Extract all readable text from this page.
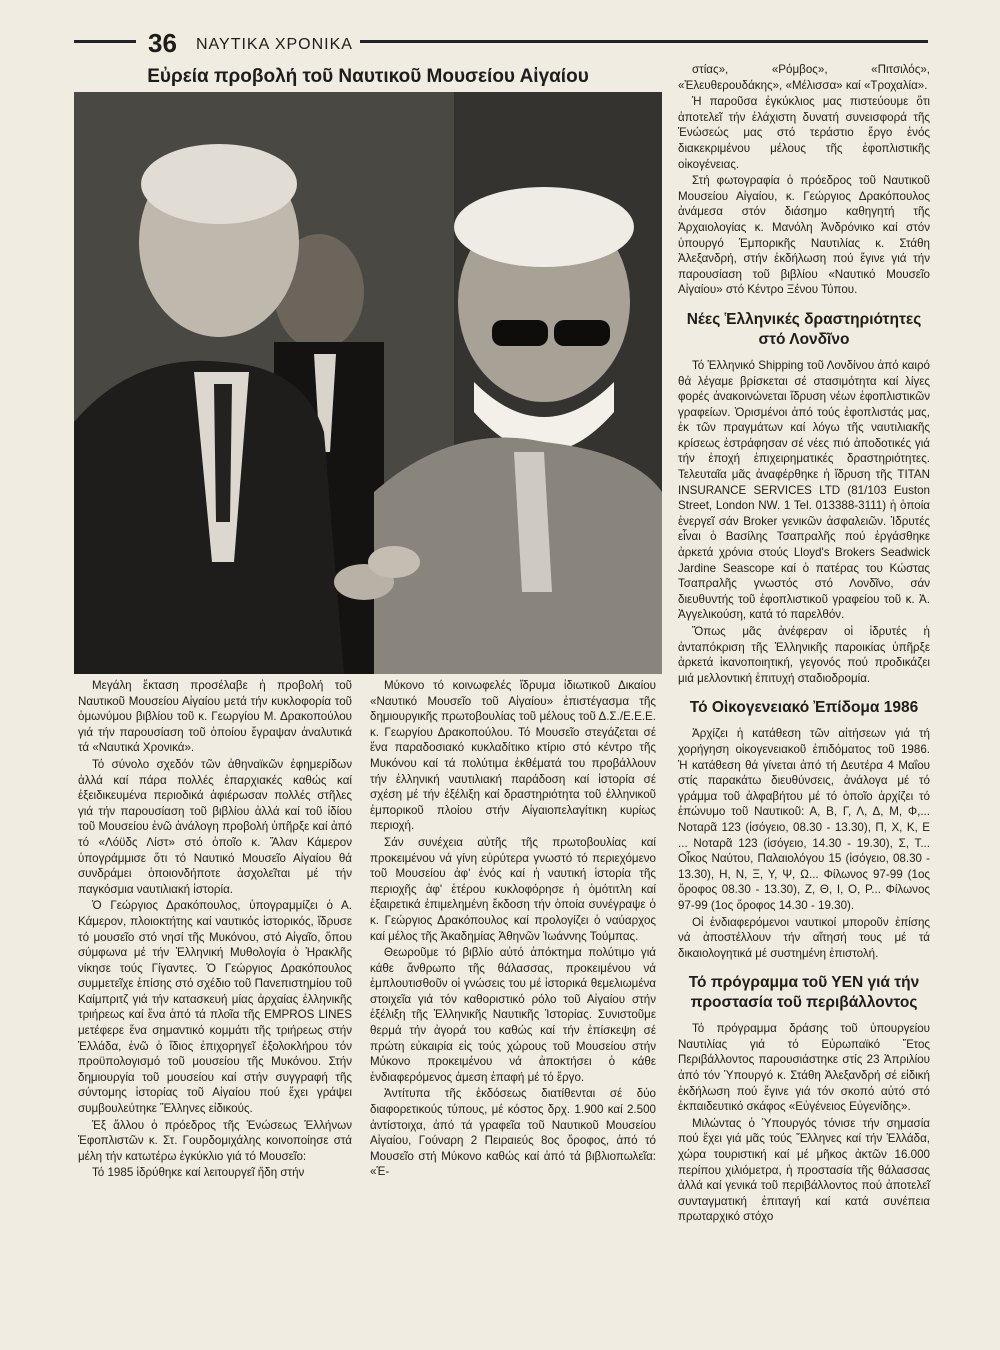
36 ΝΑΥΤΙΚΑ ΧΡΟΝΙΚΑ
Εὐρεία προβολή τοῦ Ναυτικοῦ Μουσείου Αἰγαίου

Μεγάλη ἔκταση προσέλαβε ἡ προβολή τοῦ Ναυτικοῦ Μουσείου Αἰγαίου μετά τήν κυκλοφορία τοῦ ὁμωνύμου βιβλίου τοῦ κ. Γεωργίου Μ. Δρακοπούλου γιά τήν παρουσίαση τοῦ ὁποίου ἔγραψαν ἀναλυτικά τά «Ναυτικά Χρονικά».

Τό σύνολο σχεδόν τῶν ἀθηναϊκῶν ἐφημερίδων ἀλλά καί πάρα πολλές ἐπαρχιακές καθώς καί ἐξειδικευμένα περιοδικά ἀφιέρωσαν πολλές στῆλες γιά τήν παρουσίαση τοῦ βιβλίου ἀλλά καί τοῦ ἰδίου τοῦ Μουσείου ἐνῶ ἀνάλογη προβολή ὑπῆρξε καί ἀπό τό «Λόϋδς Λίστ» στό ὁποῖο κ. Ἄλαν Κάμερον ὑπογράμμισε ὅτι τό Ναυτικό Μουσεῖο Αἰγαίου θά συνδράμει ὁποιονδήποτε ἀσχολεῖται μέ τήν παγκόσμια ναυτιλιακή ἱστορία.

Ὁ Γεώργιος Δρακόπουλος, ὑπογραμμίζει ὁ Α. Κάμερον, πλοιοκτήτης καί ναυτικός ἱστορικός, ἵδρυσε τό μουσεῖο στό νησί τῆς Μυκόνου, στό Αἰγαῖο, ὅπου σύμφωνα μέ τήν Ἑλληνική Μυθολογία ὁ Ἡρακλῆς νίκησε τούς Γίγαντες. Ὁ Γεώργιος Δρακόπουλος συμμετεῖχε ἐπίσης στό σχέδιο τοῦ Πανεπιστημίου τοῦ Καίμπριτζ γιά τήν κατασκευή μίας ἀρχαίας ἑλληνικῆς τριήρεως καί ἕνα ἀπό τά πλοῖα τῆς EMPROS LINES μετέφερε ἕνα σημαντικό κομμάτι τῆς τριήρεως στήν Ἑλλάδα, ἐνῶ ὁ ἴδιος ἐπιχορηγεῖ ἐξολοκλήρου τόν προϋπολογισμό τοῦ μουσείου τῆς Μυκόνου. Στήν δημιουργία τοῦ μουσείου καί στήν συγγραφή τῆς σύντομης ἱστορίας τοῦ Αἰγαίου πού ἔχει γράψει συμβουλεύτηκε Ἕλληνες εἰδικούς.

Ἐξ ἄλλου ὁ πρόεδρος τῆς Ἑνώσεως Ἑλλήνων Ἐφοπλιστῶν κ. Στ. Γουρδομιχάλης κοινοποίησε στά μέλη τήν κατωτέρω ἐγκύκλιο γιά τό Μουσεῖο:

Τό 1985 ἱδρύθηκε καί λειτουργεῖ ἤδη στήν

Μύκονο τό κοινωφελές ἵδρυμα ἰδιωτικοῦ Δικαίου «Ναυτικό Μουσεῖο τοῦ Αἰγαίου» ἐπιστέγασμα τῆς δημιουργικῆς πρωτοβουλίας τοῦ μέλους τοῦ Δ.Σ./Ε.Ε.Ε. κ. Γεωργίου Δρακοπούλου. Τό Μουσεῖο στεγάζεται σέ ἕνα παραδοσιακό κυκλαδίτικο κτίριο στό κέντρο τῆς Μυκόνου καί τά πολύτιμα ἐκθέματά του προβάλλουν τήν ἑλληνική ναυτιλιακή παράδοση καί ἱστορία σέ σχέση μέ τήν ἐξέλιξη καί δραστηριότητα τοῦ ἑλληνικοῦ ἐμπορικοῦ πλοίου στήν Αἰγαιοπελαγίτικη κυρίως περιοχή.

Σάν συνέχεια αὐτῆς τῆς πρωτοβουλίας καί προκειμένου νά γίνη εὐρύτερα γνωστό τό περιεχόμενο τοῦ Μουσείου ἀφ' ἑνός καί ἡ ναυτική ἱστορία τῆς περιοχῆς ἀφ' ἑτέρου κυκλοφόρησε ἡ ὁμότιτλη καί ἐξαιρετικά ἐπιμελημένη ἔκδοση τήν ὁποία συνέγραψε ὁ κ. Γεώργιος Δρακόπουλος καί προλογίζει ὁ ναύαρχος καί μέλος τῆς Ἀκαδημίας Ἀθηνῶν Ἰωάννης Τούμπας.

Θεωροῦμε τό βιβλίο αὐτό ἀπόκτημα πολύτιμο γιά κάθε ἄνθρωπο τῆς θάλασσας, προκειμένου νά ἐμπλουτισθοῦν οἱ γνώσεις του μέ ἱστορικά θεμελιωμένα στοιχεῖα γιά τόν καθοριστικό ρόλο τοῦ Αἰγαίου στήν ἐξέλιξη τῆς Ἑλληνικῆς Ναυτικῆς Ἱστορίας. Συνιστοῦμε θερμά τήν ἀγορά του καθώς καί τήν ἐπίσκεψη σέ πρώτη εὐκαιρία εἰς τούς χώρους τοῦ Μουσείου στήν Μύκονο προκειμένου νά ἀποκτήσει ὁ κάθε ἐνδιαφερόμενος ἀμεση ἐπαφή μέ τό ἔργο.

Ἀντίτυπα τῆς ἐκδόσεως διατίθενται σέ δύο διαφορετικούς τύπους, μέ κόστος δρχ. 1.900 καί 2.500 ἀντίστοιχα, ἀπό τά γραφεῖα τοῦ Ναυτικοῦ Μουσείου Αἰγαίου, Γούναρη 2 Πειραιεύς 8ος ὄροφος, ἀπό τό Μουσεῖο στή Μύκονο καθώς καί ἀπό τά βιβλιοπωλεῖα: «Ἑ-

στίας», «Ρόμβος», «Πιτσιλός», «Ἐλευθερουδάκης», «Μέλισσα» καί «Τροχαλία».

Ἡ παροῦσα ἐγκύκλιος μας πιστεύουμε ὅτι ἀποτελεῖ τήν ἐλάχιστη δυνατή συνεισφορά τῆς Ἑνώσεώς μας στό τεράστιο ἔργο ἑνός διακεκριμένου μέλους τῆς ἐφοπλιστικῆς οἰκογένειας.

Στή φωτογραφία ὁ πρόεδρος τοῦ Ναυτικοῦ Μουσείου Αἰγαίου, κ. Γεώργιος Δρακόπουλος ἀνάμεσα στόν διάσημο καθηγητή τῆς Ἀρχαιολογίας κ. Μανόλη Ἀνδρόνικο καί στόν ὑπουργό Ἐμπορικῆς Ναυτιλίας κ. Στάθη Ἀλεξανδρή, στήν ἐκδήλωση πού ἔγινε γιά τήν παρουσίαση τοῦ βιβλίου «Ναυτικό Μουσεῖο Αἰγαίου» στό Κέντρο Ξένου Τύπου.

Νέες Ἑλληνικές δραστηριότητες στό Λονδῖνο

Τό Ἑλληνικό Shipping τοῦ Λονδίνου ἀπό καιρό θά λέγαμε βρίσκεται σέ στασιμότητα καί λίγες φορές ἀνακοινώνεται ἵδρυση νέων ἐφοπλιστικῶν γραφείων. Ὁρισμένοι ἀπό τούς ἐφοπλιστάς μας, ἐκ τῶν πραγμάτων καί λόγω τῆς ναυτιλιακῆς κρίσεως ἐστράφησαν σέ νέες πιό ἀποδοτικές γιά τήν ἐποχή ἐπιχειρηματικές δραστηριότητες. Τελευταῖα μᾶς ἀναφέρθηκε ἡ ἵδρυση τῆς TITAN INSURANCE SERVICES LTD (81/103 Euston Street, London NW. 1 Tel. 013388-3111) ἡ ὁποία ἐνεργεῖ σάν Broker γενικῶν ἀσφαλειῶν. Ἱδρυτές εἶναι ὁ Βασίλης Τσαπραλῆς πού ἐργάσθηκε ἀρκετά χρόνια στούς Lloyd's Brokers Seadwick Jardine Seascope καί ὁ πατέρας του Κώστας Τσαπραλῆς γνωστός στό Λονδῖνο, σάν διευθυντής τοῦ ἐφοπλιστικοῦ γραφείου τοῦ κ. Ἀ. Ἀγγελικούση, κατά τό παρελθόν.

Ὅπως μᾶς ἀνέφεραν οἱ ἱδρυτές ἡ ἀνταπόκριση τῆς Ἑλληνικῆς παροικίας ὑπῆρξε ἀρκετά ἱκανοποιητική, γεγονός πού προδικάζει μιά μελλοντική ἐπιτυχή σταδιοδρομία.

Τό Οἰκογενειακό Ἐπίδομα 1986

Ἀρχίζει ἡ κατάθεση τῶν αἰτήσεων γιά τή χορήγηση οἰκογενειακοῦ ἐπιδόματος τοῦ 1986. Ἡ κατάθεση θά γίνεται ἀπό τή Δευτέρα 4 Μαΐου στίς παρακάτω διευθύνσεις, ἀνάλογα μέ τό γράμμα τοῦ ἀλφαβήτου μέ τό ὁποῖο ἀρχίζει τό ἐπώνυμο τοῦ Ναυτικοῦ: Α, Β, Γ, Λ, Δ, Μ, Φ,... Νοταρᾶ 123 (ἰσόγειο, 08.30 - 13.30), Π, Χ, Κ, Ε ... Νοταρᾶ 123 (ἰσόγειο, 14.30 - 19.30), Σ, Τ... Οἶκος Ναύτου, Παλαιολόγου 15 (ἰσόγειο, 08.30 - 13.30), Η, Ν, Ξ, Υ, Ψ, Ω... Φίλωνος 97-99 (1ος ὄροφος 08.30 - 13.30), Ζ, Θ, Ι, Ο, Ρ... Φίλωνος 97-99 (1ος ὄροφος 14.30 - 19.30).

Οἱ ἐνδιαφερόμενοι ναυτικοί μποροῦν ἐπίσης νά ἀποστέλλουν τήν αἴτησή τους μέ τά δικαιολογητικά μέ συστημένη ἐπιστολή.

Τό πρόγραμμα τοῦ ΥΕΝ γιά τήν προστασία τοῦ περιβάλλοντος

Τό πρόγραμμα δράσης τοῦ ὑπουργείου Ναυτιλίας γιά τό Εὐρωπαϊκό Ἔτος Περιβάλλοντος παρουσιάστηκε στίς 23 Ἀπριλίου ἀπό τόν Ὑπουργό κ. Στάθη Ἀλεξανδρή σέ εἰδική ἐκδήλωση πού ἔγινε γιά τόν σκοπό αὐτό στό ἐκπαιδευτικό σκάφος «Εὐγένειος Εὐγενίδης».

Μιλώντας ὁ Ὑπουργός τόνισε τήν σημασία πού ἔχει γιά μᾶς τούς Ἕλληνες καί τήν Ἑλλάδα, χώρα τουριστική καί μέ μῆκος ἀκτῶν 16.000 περίπου χιλιόμετρα, ἡ προστασία τῆς θάλασσας ἀλλά καί γενικά τοῦ περιβάλλοντος πού ἀποτελεῖ συνταγματική ἐπιταγή καί κατά συνέπεια πρωταρχικό στόχο
